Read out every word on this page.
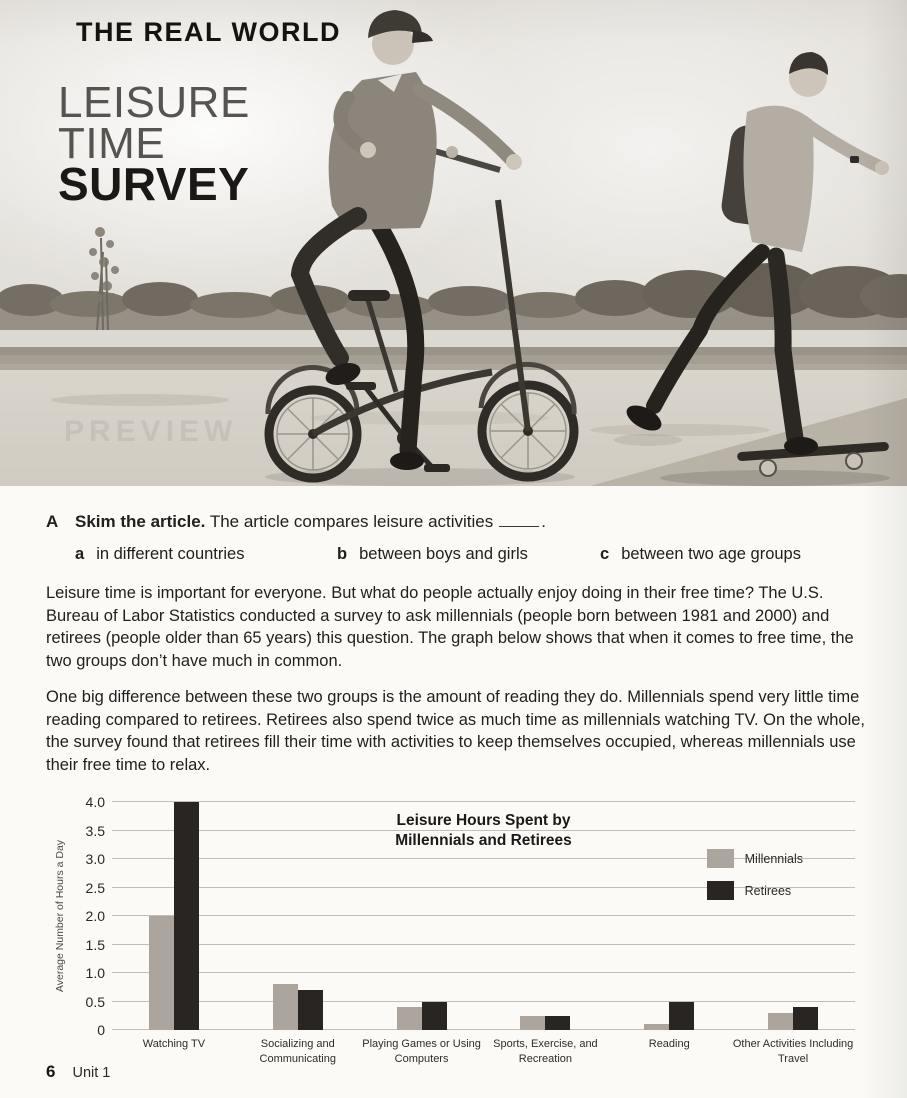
THE REAL WORLD
LEISURE
TIME
SURVEY
PREVIEW
A Skim the article. The article compares leisure activities	.
a in different countries	b between boys and girls	c between two age groups

Leisure time is important for everyone. But what do people actually enjoy doing in their free time? The U.S. Bureau of Labor Statistics conducted a survey to ask millennials (people born between 1981 and 2000) and retirees (people older than 65 years) this question. The graph below shows that when it comes to free time, the two groups don’t have much in common.

One big difference between these two groups is the amount of reading they do. Millennials spend very little time reading compared to retirees. Retirees also spend twice as much time as millennials watching TV. On the whole, the survey found that retirees fill their time with activities to keep themselves occupied, whereas millennials use their free time to relax.

Average Number of Hours a Day
4.0
3.5
3.0
2.5
2.0
1.5
1.0
0.5
0
Leisure Hours Spent by
Millennials and Retirees
Millennials
Retirees
Watching TV	Socializing and Communicating
Playing Games or Using Computers
Sports, Exercise, and Recreation
Reading	Other Activities Including Travel
6 Unit 1
